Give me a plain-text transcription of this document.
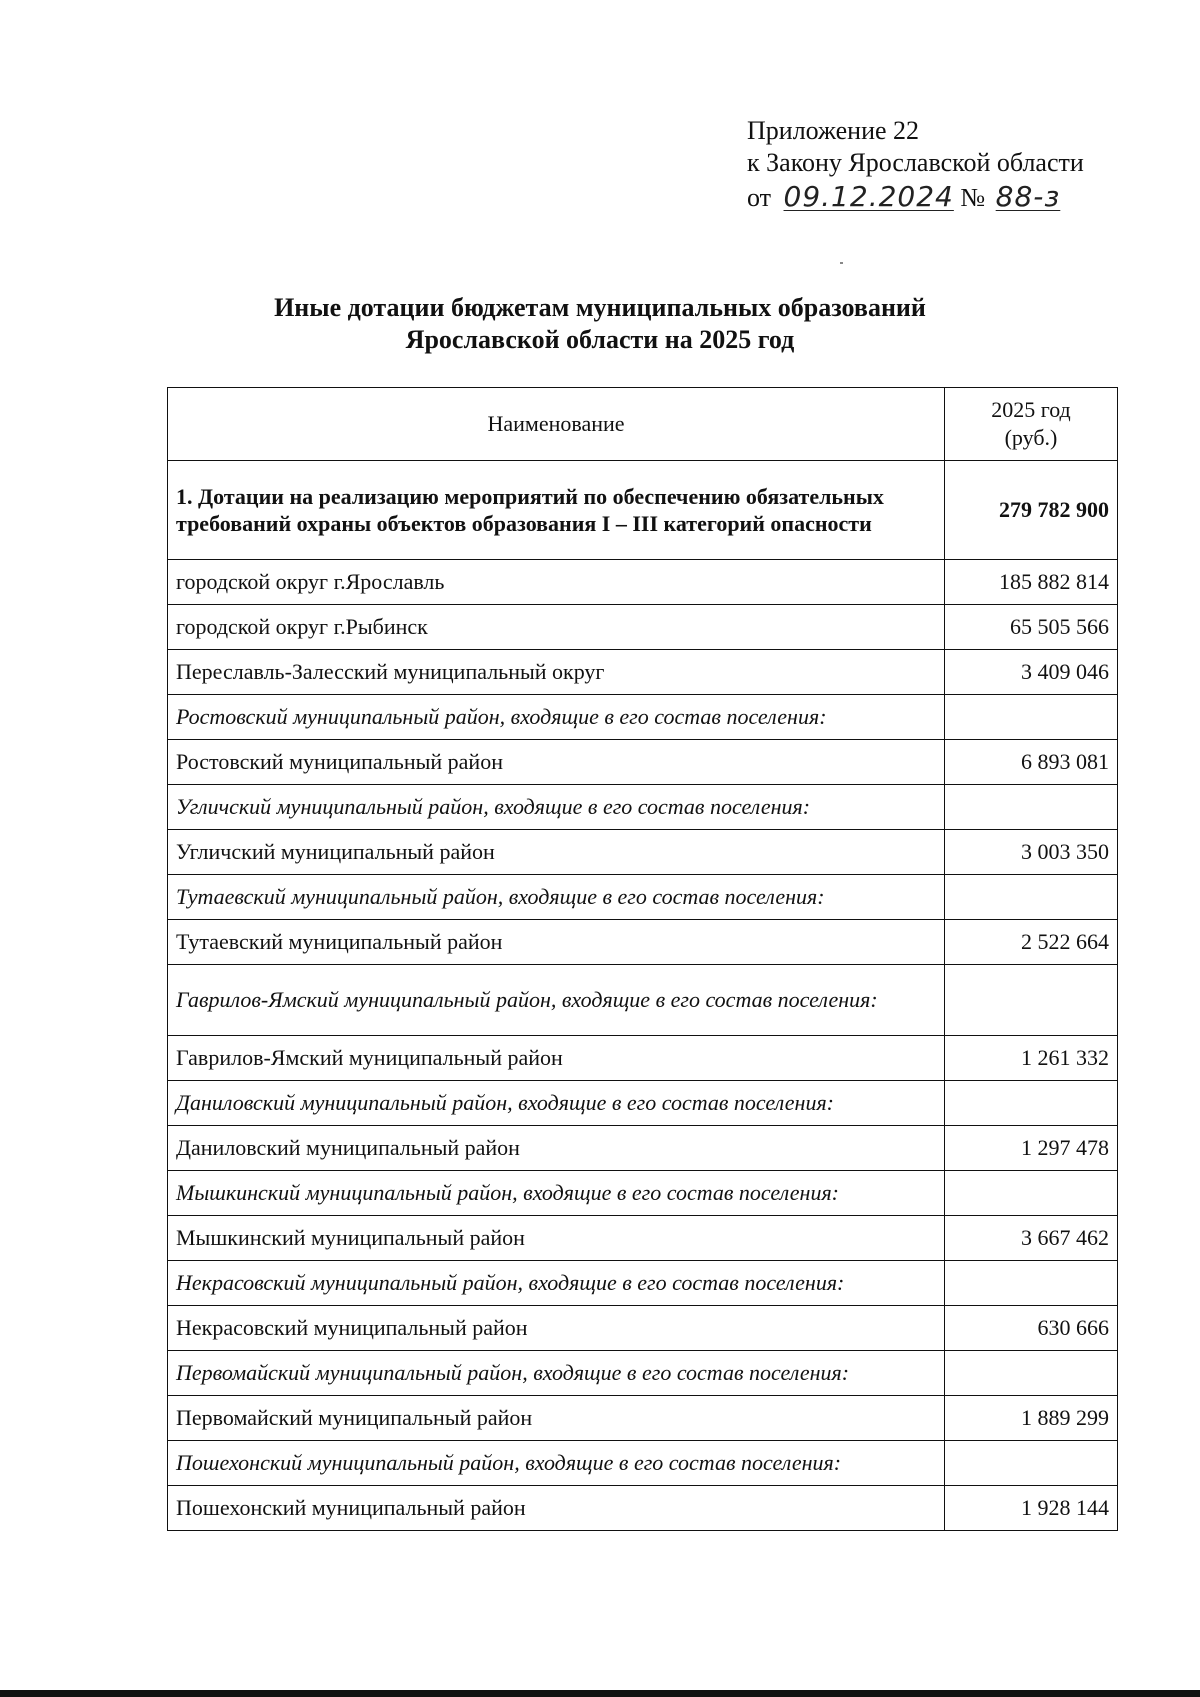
Приложение 22
к Закону Ярославской области
от 09.12.2024 № 88-з
Иные дотации бюджетам муниципальных образований
Ярославской области на 2025 год
Наименование	2025 год
(руб.)
1. Дотации на реализацию мероприятий по обеспечению обязательных требований охраны объектов образования I – III категорий опасности	279 782 900
городской округ г.Ярославль	185 882 814
городской округ г.Рыбинск	65 505 566
Переславль-Залесский муниципальный округ	3 409 046
Ростовский муниципальный район, входящие в его состав поселения:	
Ростовский муниципальный район	6 893 081
Угличский муниципальный район, входящие в его состав поселения:	
Угличский муниципальный район	3 003 350
Тутаевский муниципальный район, входящие в его состав поселения:	
Тутаевский муниципальный район	2 522 664
Гаврилов-Ямский муниципальный район, входящие в его состав поселения:	
Гаврилов-Ямский муниципальный район	1 261 332
Даниловский муниципальный район, входящие в его состав поселения:	
Даниловский муниципальный район	1 297 478
Мышкинский муниципальный район, входящие в его состав поселения:	
Мышкинский муниципальный район	3 667 462
Некрасовский муниципальный район, входящие в его состав поселения:	
Некрасовский муниципальный район	630 666
Первомайский муниципальный район, входящие в его состав поселения:	
Первомайский муниципальный район	1 889 299
Пошехонский муниципальный район, входящие в его состав поселения:	
Пошехонский муниципальный район	1 928 144
